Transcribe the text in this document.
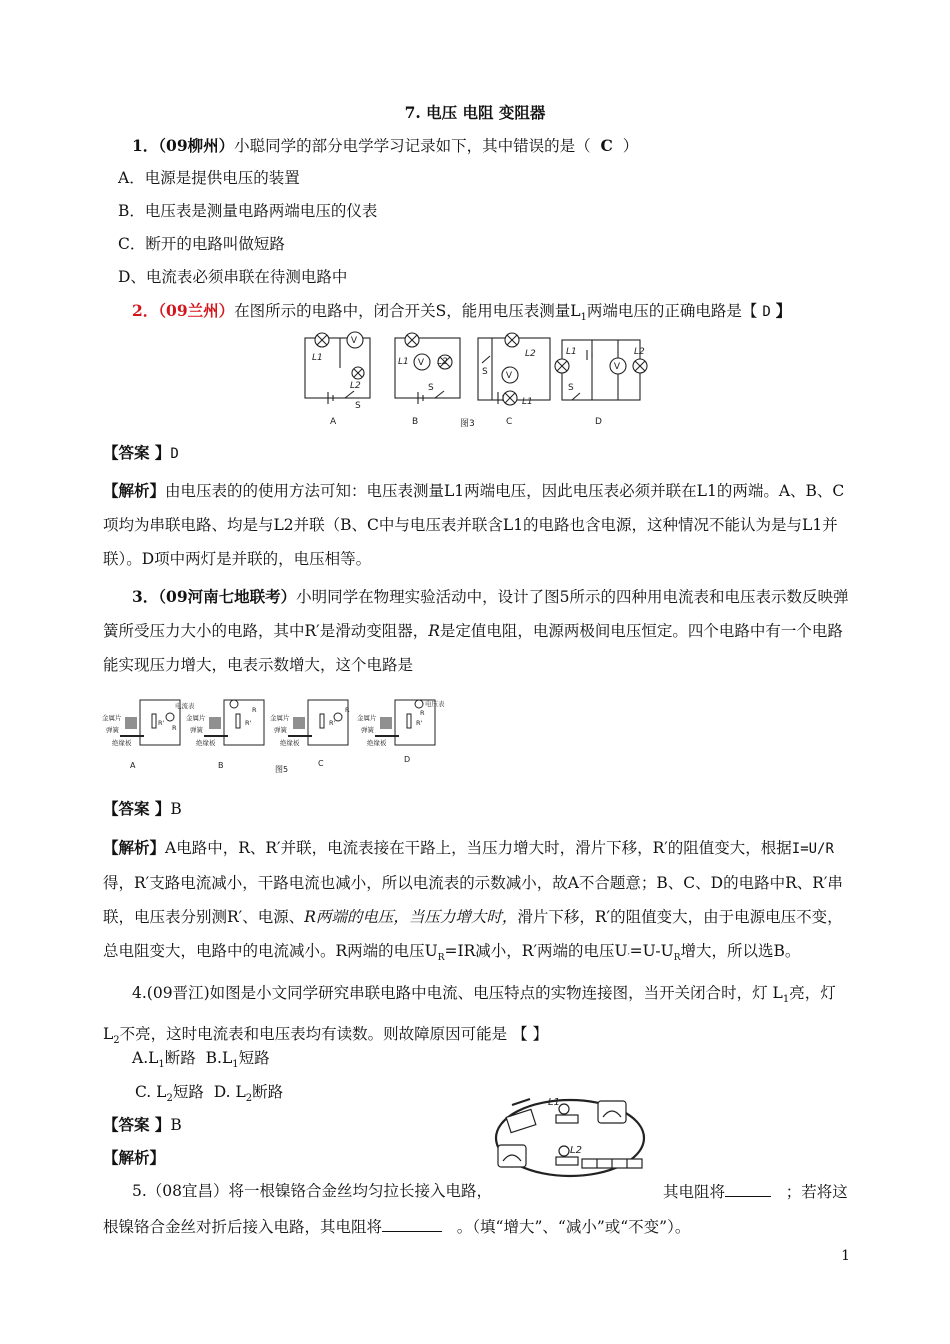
7. 电压 电阻 变阻器
1．（09柳州）小聪同学的部分电学学习记录如下，其中错误的是（ C ）
A．电源是提供电压的装置
B．电压表是测量电路两端电压的仪表
C．断开的电路叫做短路
D、电流表必须串联在待测电路中
2．（09兰州）在图所示的电路中，闭合开关S，能用电压表测量$L_1$两端电压的正确电路是【 D 】
V
V
V
V
L1
L2
L1	L2
L2
L1
L1	L2
S
S
S
S
A	B	图3	C	D
【答案 】D
【解析】由电压表的的使用方法可知：电压表测量L1两端电压，因此电压表必须并联在L1的两端。A、B、C项均为串联电路、均是与L2并联（B、C中与电压表并联含L1的电路也含电源，这种情况不能认为是与L1并联）。D项中两灯是并联的，电压相等。
3．（09河南七地联考）小明同学在物理实验活动中，设计了图5所示的四种用电流表和电压表示数反映弹簧所受压力大小的电路，其中R′是滑动变阻器，R是定值电阻，电源两极间电压恒定。四个电路中有一个电路能实现压力增大，电表示数增大，这个电路是
金属片
弹簧
绝缘板
电流表
金属片
弹簧
绝缘板
金属片
弹簧
绝缘板
金属片
弹簧
绝缘板
电压表
R'	R'	R'	R'
R
R	R	R
A	B	图5
C	D
【答案 】B
【解析】A电路中，R、R′并联，电流表接在干路上，当压力增大时，滑片下移，R′的阻值变大，根据I=U/R得，R′支路电流减小，干路电流也减小，所以电流表的示数减小，故A不合题意；B、C、D的电路中R、R′串联，电压表分别测R′、电源、R两端的电压，当压力增大时，滑片下移，R′的阻值变大，由于电源电压不变，总电阻变大，电路中的电流减小。R两端的电压$U_R=IR$减小，R′两端的电压$U'=U-U_R$增大，所以选B。
4.(09晋江)如图是小文同学研究串联电路中电流、电压特点的实物连接图，当开关闭合时，灯 $L_1$亮，灯 $L_2$不亮，这时电流表和电压表均有读数。则故障原因可能是 【 】
$A.L_1$断路 $B.L_1$短路
C. $L_2$短路 D. $L_2$断路
【答案 】B
【解析】
L1
L2
5.（08宜昌）将一根镍铬合金丝均匀拉长接入电路，	其电阻将	；若将这
根镍铬合金丝对折后接入电路，其电阻将	。（填“增大”、“减小”或“不变”）。
1
